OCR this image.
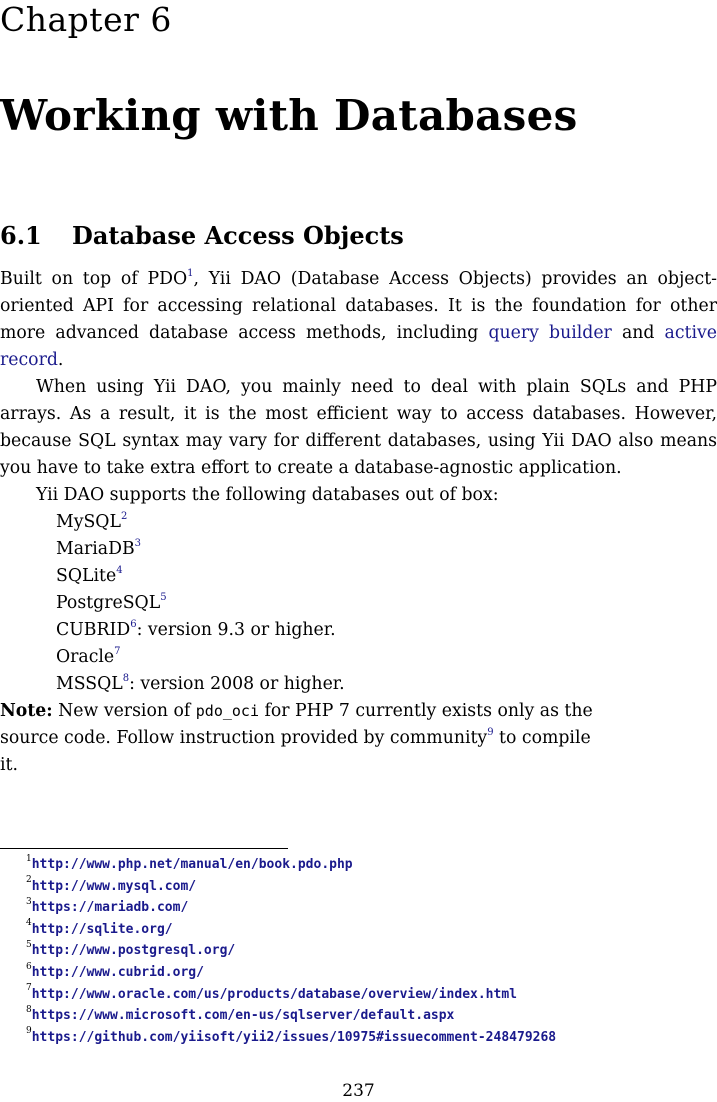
Chapter 6
Working with Databases
6.1 Database Access Objects

Built on top of PDO$^1$, Yii DAO (Database Access Objects) provides an object-oriented API for accessing relational databases. It is the foundation for other more advanced database access methods, including query builder and active record.

When using Yii DAO, you mainly need to deal with plain SQLs and PHP arrays. As a result, it is the most efficient way to access databases. However, because SQL syntax may vary for different databases, using Yii DAO also means you have to take extra effort to create a database-agnostic application.

Yii DAO supports the following databases out of box:

MySQL$^2$
MariaDB$^3$
SQLite$^4$
PostgreSQL$^5$
CUBRID$^6$: version 9.3 or higher.
Oracle$^7$
MSSQL$^8$: version 2008 or higher.

Note: New version of pdo_oci for PHP 7 currently exists only as the source code. Follow instruction provided by community$^9$ to compile it.

$^1$http://www.php.net/manual/en/book.pdo.php
$^2$http://www.mysql.com/
$^3$https://mariadb.com/
$^4$http://sqlite.org/
$^5$http://www.postgresql.org/
$^6$http://www.cubrid.org/
$^7$http://www.oracle.com/us/products/database/overview/index.html
$^8$https://www.microsoft.com/en-us/sqlserver/default.aspx
$^9$https://github.com/yiisoft/yii2/issues/10975#issuecomment-248479268
237
